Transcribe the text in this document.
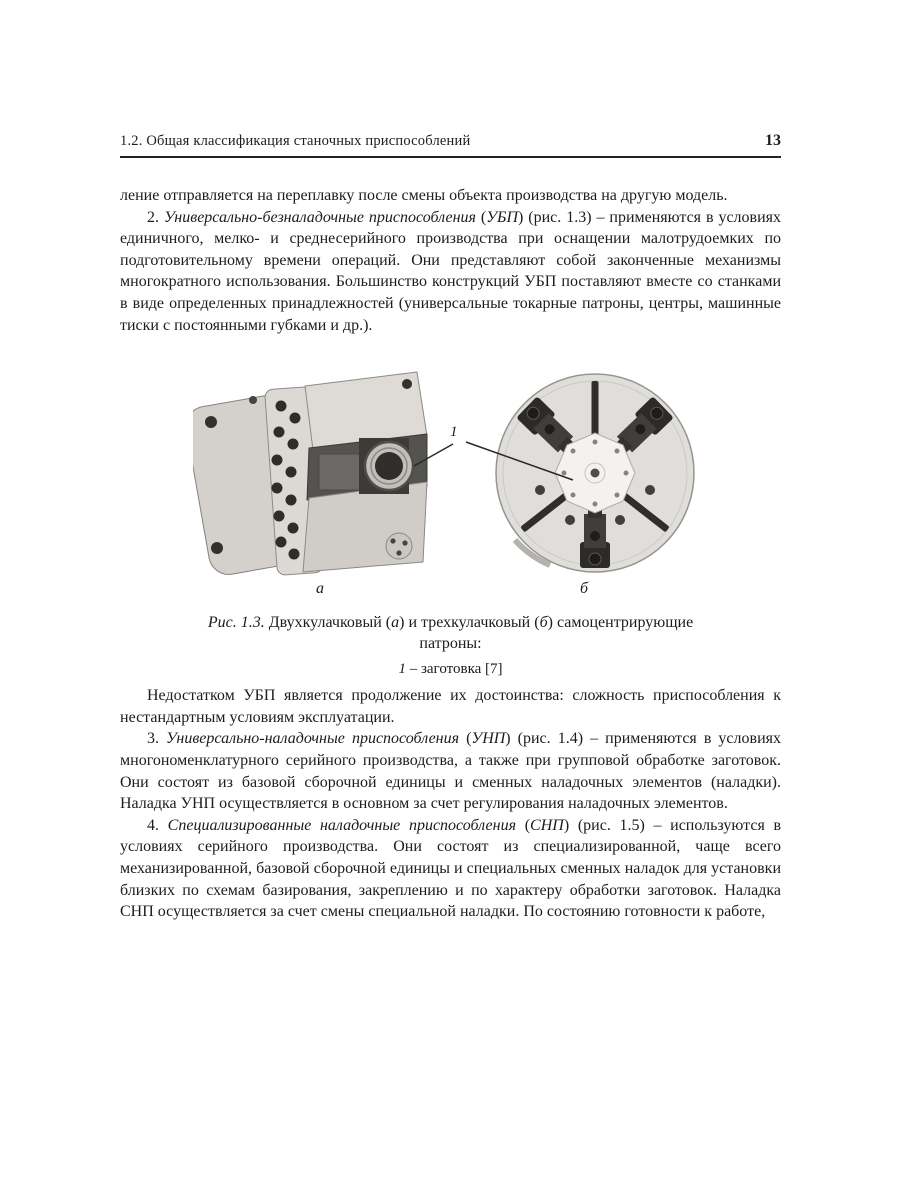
1.2. Общая классификация станочных приспособлений	13

ление отправляется на переплавку после смены объекта производства на другую модель.

2. Универсально-безналадочные приспособления (УБП) (рис. 1.3) – применяются в условиях единичного, мелко- и среднесерийного производства при оснащении малотрудоемких по подготовительному времени операций. Они представляют собой законченные механизмы многократного использования. Большинство конструкций УБП поставляют вместе со станками в виде определенных принадлежностей (универсальные токарные патроны, центры, машинные тиски с постоянными губками и др.).

1
а	б
Рис. 1.3. Двухкулачковый (а) и трехкулачковый (б) самоцентрирующие патроны:
1 – заготовка [7]

Недостатком УБП является продолжение их достоинства: сложность приспособления к нестандартным условиям эксплуатации.

3. Универсально-наладочные приспособления (УНП) (рис. 1.4) – применяются в условиях многономенклатурного серийного производства, а также при групповой обработке заготовок. Они состоят из базовой сборочной единицы и сменных наладочных элементов (наладки). Наладка УНП осуществляется в основном за счет регулирования наладочных элементов.

4. Специализированные наладочные приспособления (СНП) (рис. 1.5) – используются в условиях серийного производства. Они состоят из специализированной, чаще всего механизированной, базовой сборочной единицы и специальных сменных наладок для установки близких по схемам базирования, закреплению и по характеру обработки заготовок. Наладка СНП осуществляется за счет смены специальной наладки. По состоянию готовности к работе,
